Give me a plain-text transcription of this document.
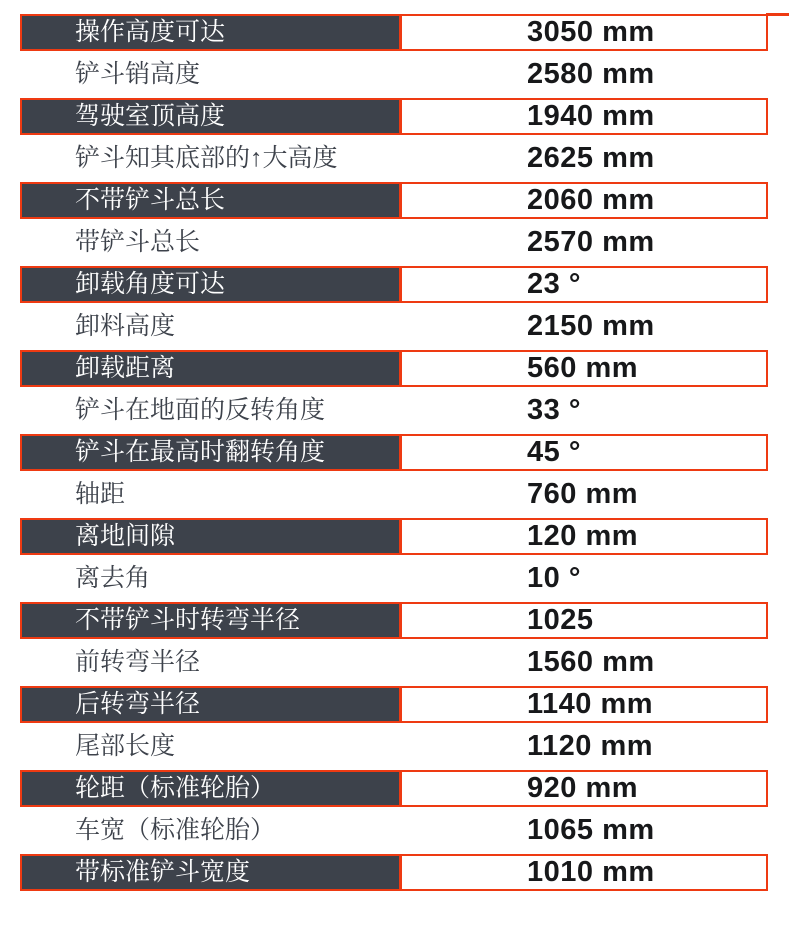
操作高度可达	3050 mm
铲斗销高度	2580 mm
驾驶室顶高度	1940 mm
铲斗知其底部的↑大高度	2625 mm
不带铲斗总长	2060 mm
带铲斗总长	2570 mm
卸载角度可达	23 °
卸料高度	2150 mm
卸载距离	560 mm
铲斗在地面的反转角度	33 °
铲斗在最高时翻转角度	45 °
轴距	760 mm
离地间隙	120 mm
离去角	10 °
不带铲斗时转弯半径	1025
前转弯半径	1560 mm
后转弯半径	1140 mm
尾部长度	1120 mm
轮距（标准轮胎）	920 mm
车宽（标准轮胎）	1065 mm
带标准铲斗宽度	1010 mm
